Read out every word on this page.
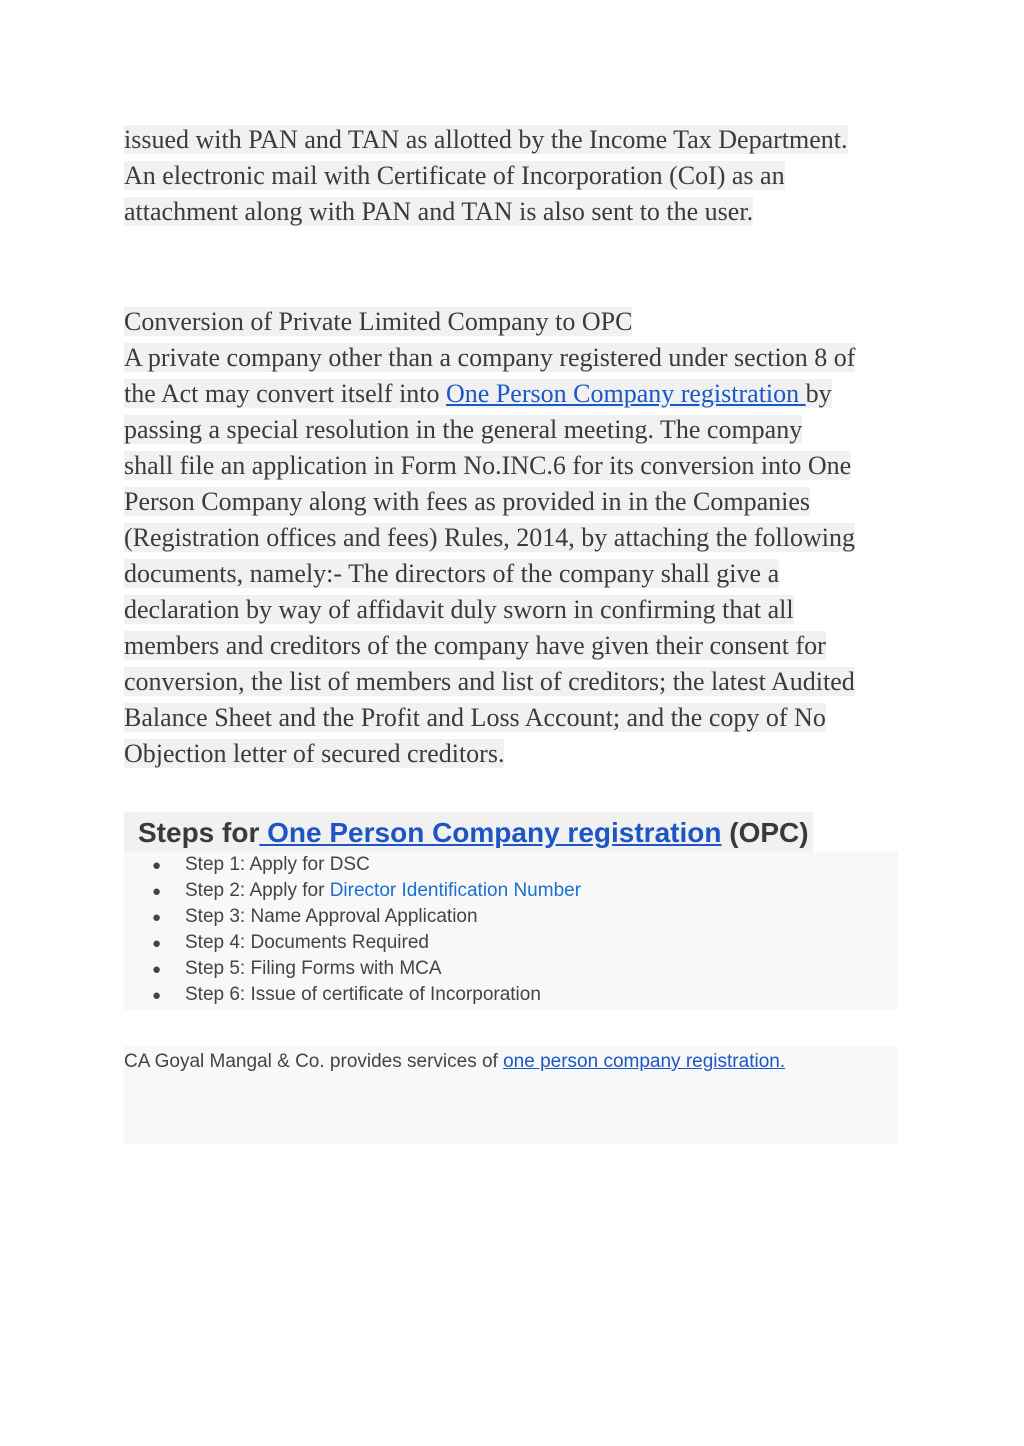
issued with PAN and TAN as allotted by the Income Tax Department.
An electronic mail with Certificate of Incorporation (CoI) as an
attachment along with PAN and TAN is also sent to the user.
Conversion of Private Limited Company to OPC
A private company other than a company registered under section 8 of
the Act may convert itself into One Person Company registration by
passing a special resolution in the general meeting. The company
shall file an application in Form No.INC.6 for its conversion into One
Person Company along with fees as provided in in the Companies
(Registration offices and fees) Rules, 2014, by attaching the following
documents, namely:- The directors of the company shall give a
declaration by way of affidavit duly sworn in confirming that all
members and creditors of the company have given their consent for
conversion, the list of members and list of creditors; the latest Audited
Balance Sheet and the Profit and Loss Account; and the copy of No
Objection letter of secured creditors.
Steps for One Person Company registration (OPC)
● Step 1: Apply for DSC
● Step 2: Apply for Director Identification Number
● Step 3: Name Approval Application
● Step 4: Documents Required
● Step 5: Filing Forms with MCA
● Step 6: Issue of certificate of Incorporation
CA Goyal Mangal & Co. provides services of one person company registration.
